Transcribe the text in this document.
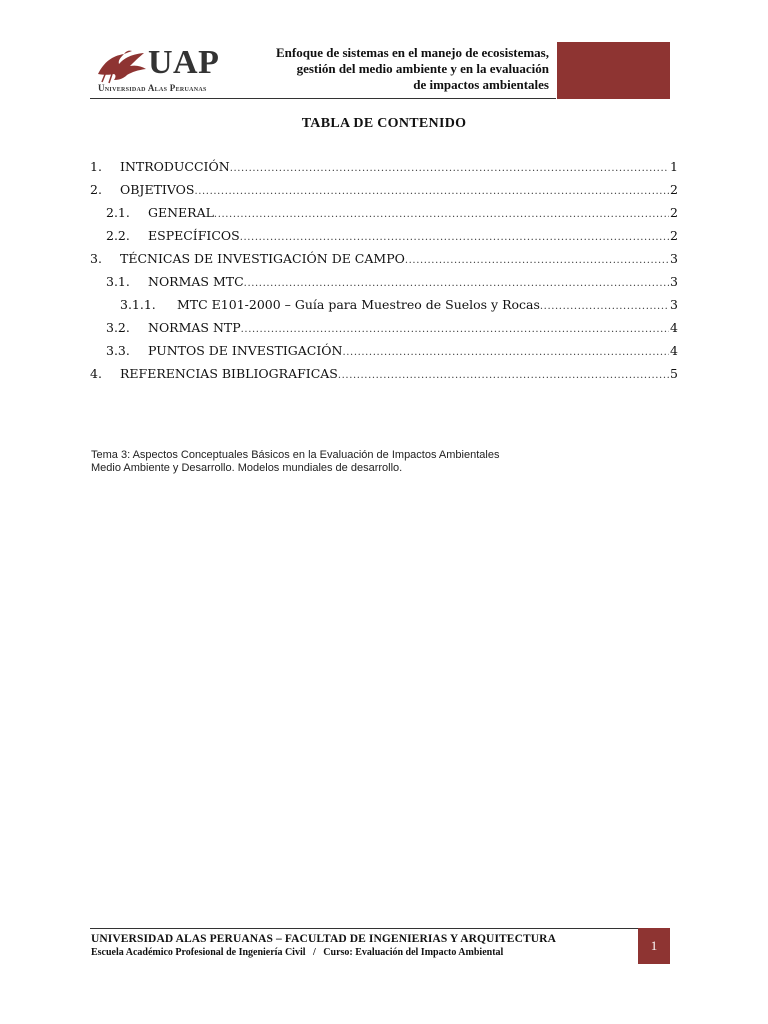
UAP
Universidad Alas Peruanas
Enfoque de sistemas en el manejo de ecosistemas,
gestión del medio ambiente y en la evaluación
de impactos ambientales
TABLA DE CONTENIDO
1.	INTRODUCCIÓN .....	1
2.	OBJETIVOS .....	2
2.1.	GENERAL .....	2
2.2.	ESPECÍFICOS .....	2
3.	TÉCNICAS DE INVESTIGACIÓN DE CAMPO .....	3
3.1.	NORMAS MTC .....	3
3.1.1.	MTC E101-2000 – Guía para Muestreo de Suelos y Rocas .....	3
3.2.	NORMAS NTP .....	4
3.3.	PUNTOS DE INVESTIGACIÓN .....	4
4.	REFERENCIAS BIBLIOGRAFICAS .....	5
Tema 3: Aspectos Conceptuales Básicos en la Evaluación de Impactos Ambientales
Medio Ambiente y Desarrollo. Modelos mundiales de desarrollo.
UNIVERSIDAD ALAS PERUANAS – FACULTAD DE INGENIERIAS Y ARQUITECTURA
Escuela Académico Profesional de Ingeniería Civil   /   Curso: Evaluación del Impacto Ambiental	1
